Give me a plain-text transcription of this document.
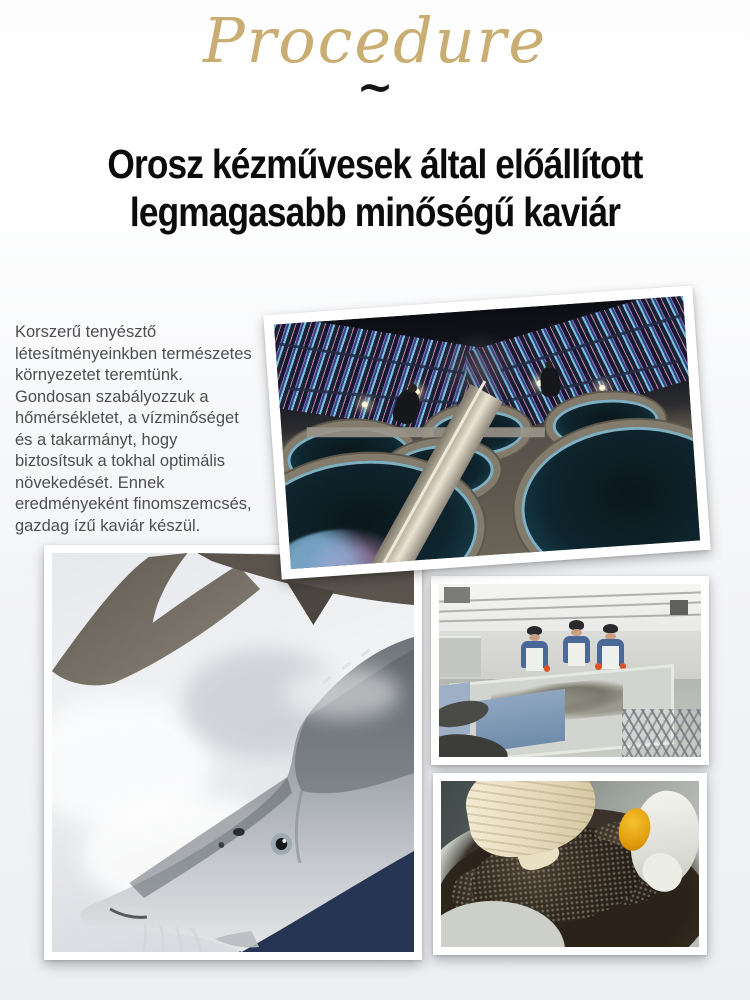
Procedure
~
Orosz kézművesek által előállított
legmagasabb minőségű kaviár
Korszerű tenyésztő
létesítményeinkben természetes
környezetet teremtünk.
Gondosan szabályozzuk a
hőmérsékletet, a vízminőséget
és a takarmányt, hogy
biztosítsuk a tokhal optimális
növekedését. Ennek
eredményeként finomszemcsés,
gazdag ízű kaviár készül.
